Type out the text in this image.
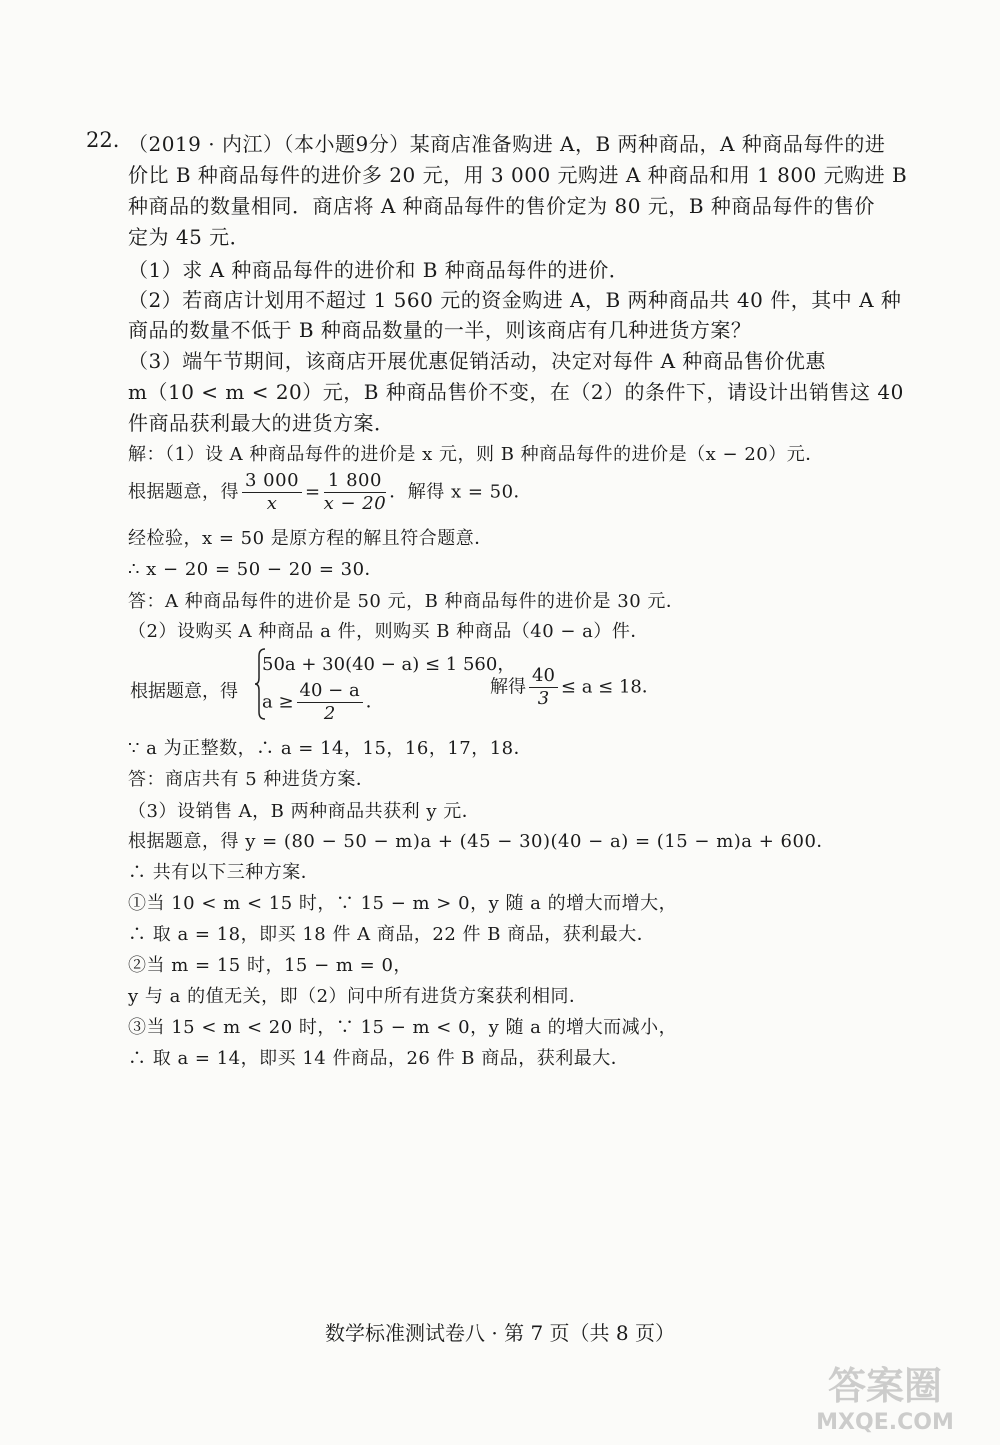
22. （2019 · 内江）（本小题9分）某商店准备购进 A，B 两种商品，A 种商品每件的进
价比 B 种商品每件的进价多 20 元，用 3 000 元购进 A 种商品和用 1 800 元购进 B
种商品的数量相同．商店将 A 种商品每件的售价定为 80 元，B 种商品每件的售价
定为 45 元．
（1）求 A 种商品每件的进价和 B 种商品每件的进价．
（2）若商店计划用不超过 1 560 元的资金购进 A，B 两种商品共 40 件，其中 A 种
商品的数量不低于 B 种商品数量的一半，则该商店有几种进货方案？
（3）端午节期间，该商店开展优惠促销活动，决定对每件 A 种商品售价优惠
m（10 < m < 20）元，B 种商品售价不变，在（2）的条件下，请设计出销售这 40
件商品获利最大的进货方案．
解：（1）设 A 种商品每件的进价是 x 元，则 B 种商品每件的进价是（x − 20）元．
根据题意，得 $\frac{3 000}{x} = \frac{1 800}{x - 20}$ ．解得 x = 50．
经检验，x = 50 是原方程的解且符合题意．
∴ x − 20 = 50 − 20 = 30．
答：A 种商品每件的进价是 50 元，B 种商品每件的进价是 30 元．
（2）设购买 A 种商品 a 件，则购买 B 种商品（40 − a）件．
根据题意，得
50a + 30(40 − a) ≤ 1 560，
$a \ge \frac{40 - a}{2}$ ．
解得 $\frac{40}{3} \le a \le 18$．
∵ a 为正整数，∴ a = 14，15，16，17，18．
答：商店共有 5 种进货方案．
（3）设销售 A，B 两种商品共获利 y 元．
根据题意，得 y = (80 − 50 − m)a + (45 − 30)(40 − a) = (15 − m)a + 600．
∴ 共有以下三种方案．
①当 10 < m < 15 时，∵ 15 − m > 0，y 随 a 的增大而增大，
∴ 取 a = 18，即买 18 件 A 商品，22 件 B 商品，获利最大．
②当 m = 15 时，15 − m = 0，
y 与 a 的值无关，即（2）问中所有进货方案获利相同．
③当 15 < m < 20 时，∵ 15 − m < 0，y 随 a 的增大而减小，
∴ 取 a = 14，即买 14 件商品，26 件 B 商品，获利最大．
数学标准测试卷八 · 第 7 页（共 8 页）
答案圈
MXQE.COM
